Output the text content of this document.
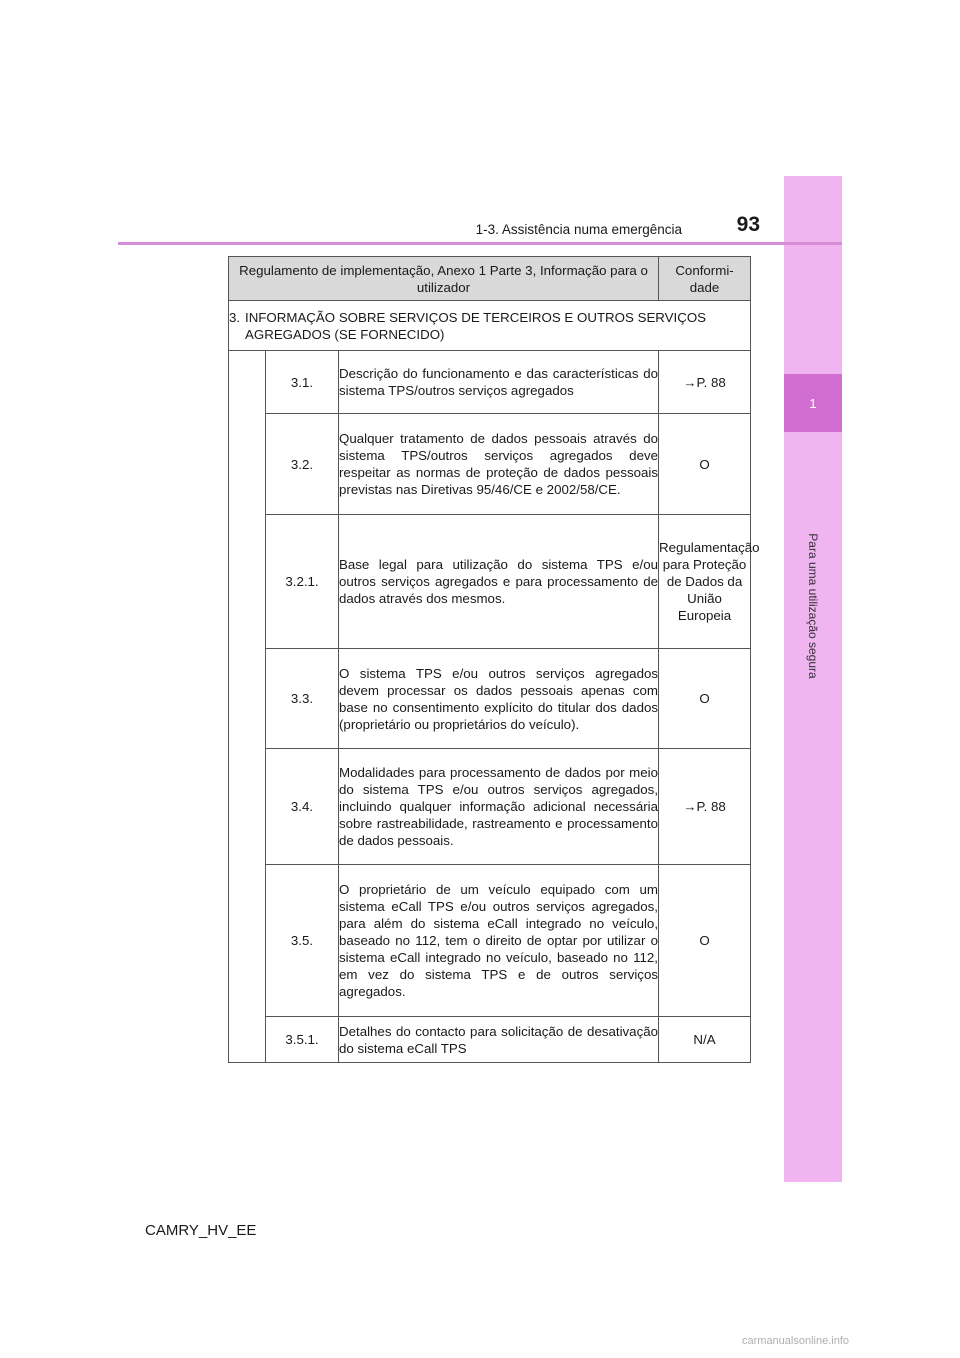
1
Para uma utilização segura
1-3. Assistência numa emergência	93
Regulamento de implementação, Anexo 1 Parte 3, Informação para o utilizador			Conformi- dade
3. INFORMAÇÃO SOBRE SERVIÇOS DE TERCEIROS E OUTROS SERVIÇOS AGREGADOS (SE FORNECIDO)			
	3.1.	Descrição do funcionamento e das características do sistema TPS/outros serviços agregados	→P. 88
	3.2.	Qualquer tratamento de dados pessoais através do sistema TPS/outros serviços agregados deve respeitar as normas de proteção de dados pessoais previstas nas Diretivas 95/46/CE e 2002/58/CE.	O
	3.2.1.	Base legal para utilização do sistema TPS e/ou outros serviços agregados e para processamento de dados através dos mesmos.	Regulamentação para Proteção de Dados da União Europeia
	3.3.	O sistema TPS e/ou outros serviços agregados devem processar os dados pessoais apenas com base no consentimento explícito do titular dos dados (proprietário ou proprietários do veículo).	O
	3.4.	Modalidades para processamento de dados por meio do sistema TPS e/ou outros serviços agregados, incluindo qualquer informação adicional necessária sobre rastreabilidade, rastreamento e processamento de dados pessoais.	→P. 88
	3.5.	O proprietário de um veículo equipado com um sistema eCall TPS e/ou outros serviços agregados, para além do sistema eCall integrado no veículo, baseado no 112, tem o direito de optar por utilizar o sistema eCall integrado no veículo, baseado no 112, em vez do sistema TPS e de outros serviços agregados.	O
	3.5.1.	Detalhes do contacto para solicitação de desativação do sistema eCall TPS	N/A
CAMRY_HV_EE
carmanualsonline.info
